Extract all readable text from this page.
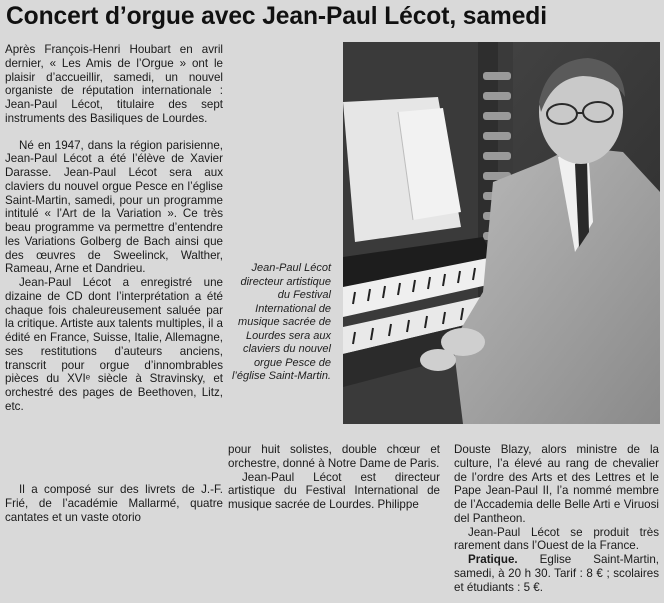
Concert d’orgue avec Jean-Paul Lécot, samedi

Après François-Henri Houbart en avril dernier, « Les Amis de l’Orgue » ont le plaisir d’accueillir, samedi, un nouvel organiste de réputation internationale : Jean-Paul Lécot, titulaire des sept instruments des Basiliques de Lourdes.

Né en 1947, dans la région parisienne, Jean-Paul Lécot a été l’élève de Xavier Darasse. Jean-Paul Lécot sera aux claviers du nouvel orgue Pesce en l’église Saint-Martin, samedi, pour un programme intitulé « l’Art de la Variation ». Ce très beau programme va permettre d’entendre les Variations Golberg de Bach ainsi que des œuvres de Sweelinck, Walther, Rameau, Arne et Dandrieu.

Jean-Paul Lécot a enregistré une dizaine de CD dont l’interprétation a été chaque fois chaleureusement saluée par la critique. Artiste aux talents multiples, il a édité en France, Suisse, Italie, Allemagne, ses restitutions d’auteurs anciens, transcrit pour orgue d’innombrables pièces du XVIᵉ siècle à Stravinsky, et orchestré des pages de Beethoven, Litz, etc.

Il a composé sur des livrets de J.-F. Frié, de l’académie Mallarmé, quatre cantates et un vaste otorio

Jean-Paul Lécot directeur artistique du Festival International de musique sacrée de Lourdes sera aux claviers du nouvel orgue Pesce de l’église Saint-Martin.

pour huit solistes, double chœur et orchestre, donné à Notre Dame de Paris.

Jean-Paul Lécot est directeur artistique du Festival International de musique sacrée de Lourdes. Philippe

Douste Blazy, alors ministre de la culture, l’a élevé au rang de chevalier de l’ordre des Arts et des Lettres et le Pape Jean-Paul II, l’a nommé membre de l’Accademia delle Belle Arti e Viruosi del Pantheon.

Jean-Paul Lécot se produit très rarement dans l’Ouest de la France.

Pratique. Eglise Saint-Martin, samedi, à 20 h 30. Tarif : 8 € ; scolaires et étudiants : 5 €.
